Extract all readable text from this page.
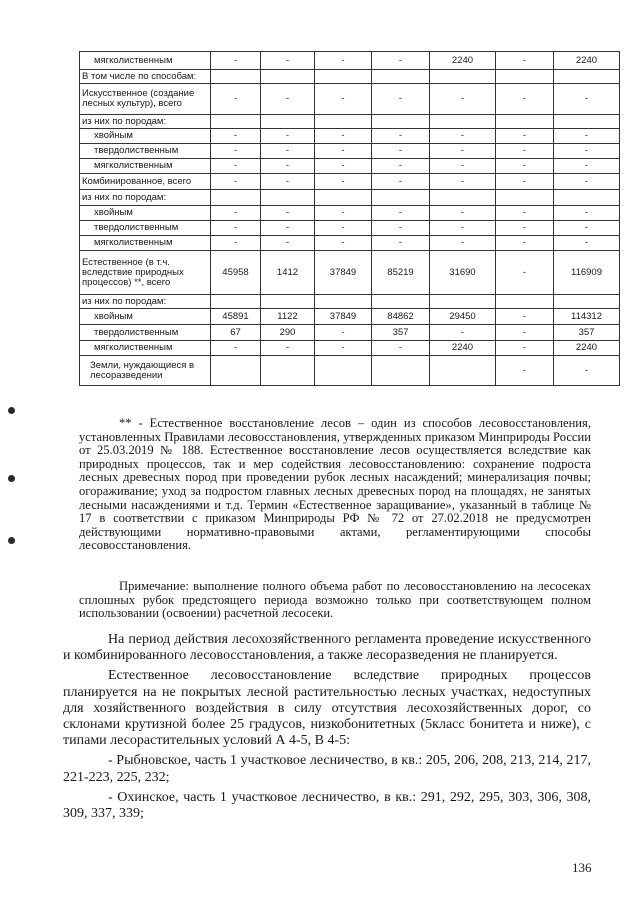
мягколиственным	-	-	-	-	2240	-	2240
В том числе по способам:							
Искусственное (создание лесных культур), всего	-	-	-	-	-	-	-
из них по породам:							
хвойным	-	-	-	-	-	-	-
твердолиственным	-	-	-	-	-	-	-
мягколиственным	-	-	-	-	-	-	-
Комбинированное, всего	-	-	-	-	-	-	-
из них по породам:							
хвойным	-	-	-	-	-	-	-
твердолиственным	-	-	-	-	-	-	-
мягколиственным	-	-	-	-	-	-	-
Естественное (в т.ч. вследствие природных процессов) **, всего	45958	1412	37849	85219	31690	-	116909
из них по породам:							
хвойным	45891	1122	37849	84862	29450	-	114312
твердолиственным	67	290	-	357	-	-	357
мягколиственным	-	-	-	-	2240	-	2240
Земли, нуждающиеся в лесоразведении						-	-

** - Естественное восстановление лесов – один из способов лесовосстановления, установленных Правилами лесовосстановления, утвержденных приказом Минприроды России от 25.03.2019 № 188. Естественное восстановление лесов осуществляется вследствие как природных процессов, так и мер содействия лесовосстановлению: сохранение подроста лесных древесных пород при проведении рубок лесных насаждений; минерализация почвы; огораживание; уход за подростом главных лесных древесных пород на площадях, не занятых лесными насаждениями и т.д. Термин «Естественное заращивание», указанный в таблице № 17 в соответствии с приказом Минприроды РФ № 72 от 27.02.2018 не предусмотрен действующими нормативно-правовыми актами, регламентирующими способы лесовосстановления.

Примечание: выполнение полного объема работ по лесовосстановлению на лесосеках сплошных рубок предстоящего периода возможно только при соответствующем полном использовании (освоении) расчетной лесосеки.

На период действия лесохозяйственного регламента проведение искусственного и комбинированного лесовосстановления, а также лесоразведения не планируется.

Естественное лесовосстановление вследствие природных процессов планируется на не покрытых лесной растительностью лесных участках, недоступных для хозяйственного воздействия в силу отсутствия лесохозяйственных дорог, со склонами крутизной более 25 градусов, низкобонитетных (5класс бонитета и ниже), с типами лесорастительных условий А 4-5, В 4-5:

- Рыбновское, часть 1 участковое лесничество, в кв.: 205, 206, 208, 213, 214, 217, 221-223, 225, 232;

- Охинское, часть 1 участковое лесничество, в кв.: 291, 292, 295, 303, 306, 308, 309, 337, 339;

136
